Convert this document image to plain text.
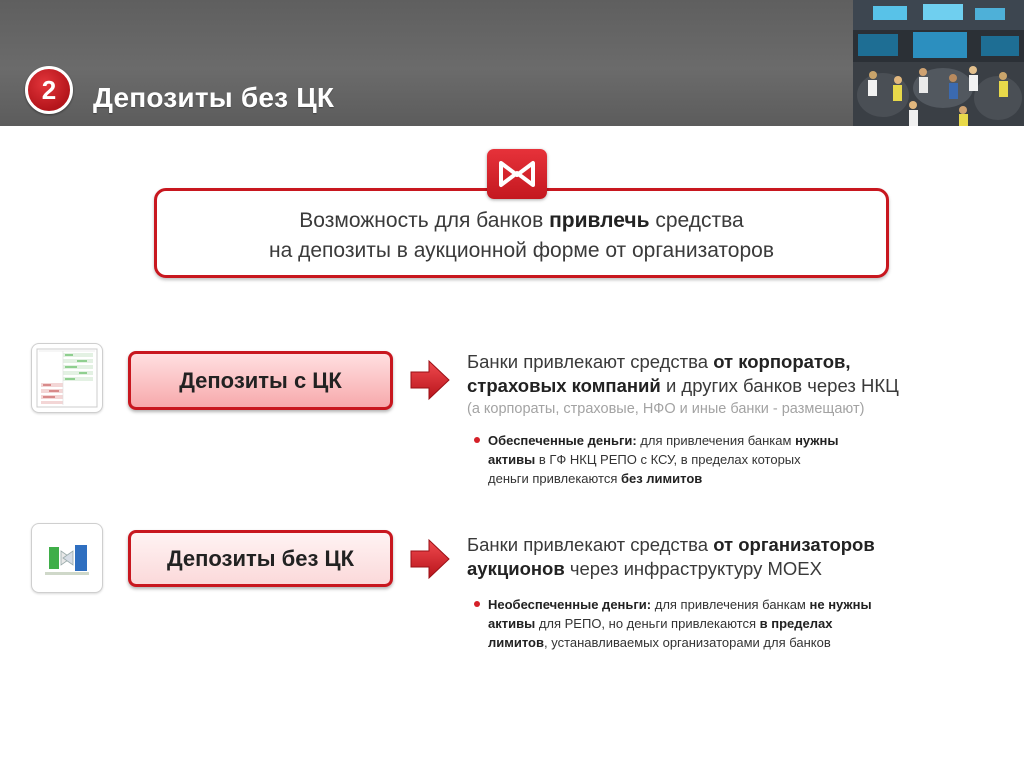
2	Депозиты без ЦК
Возможность для банков привлечь средства
на депозиты в аукционной форме от организаторов
Депозиты с ЦК
Банки привлекают средства от корпоратов,
страховых компаний и других банков через НКЦ
(а корпораты, страховые, НФО и иные банки - размещают)
Обеспеченные деньги: для привлечения банкам нужны
активы в ГФ НКЦ РЕПО с КСУ, в пределах которых
деньги привлекаются без лимитов
Депозиты без ЦК
Банки привлекают средства от организаторов
аукционов через инфраструктуру МОЕХ
Необеспеченные деньги: для привлечения банкам не нужны
активы для РЕПО, но деньги привлекаются в пределах
лимитов, устанавливаемых организаторами для банков
